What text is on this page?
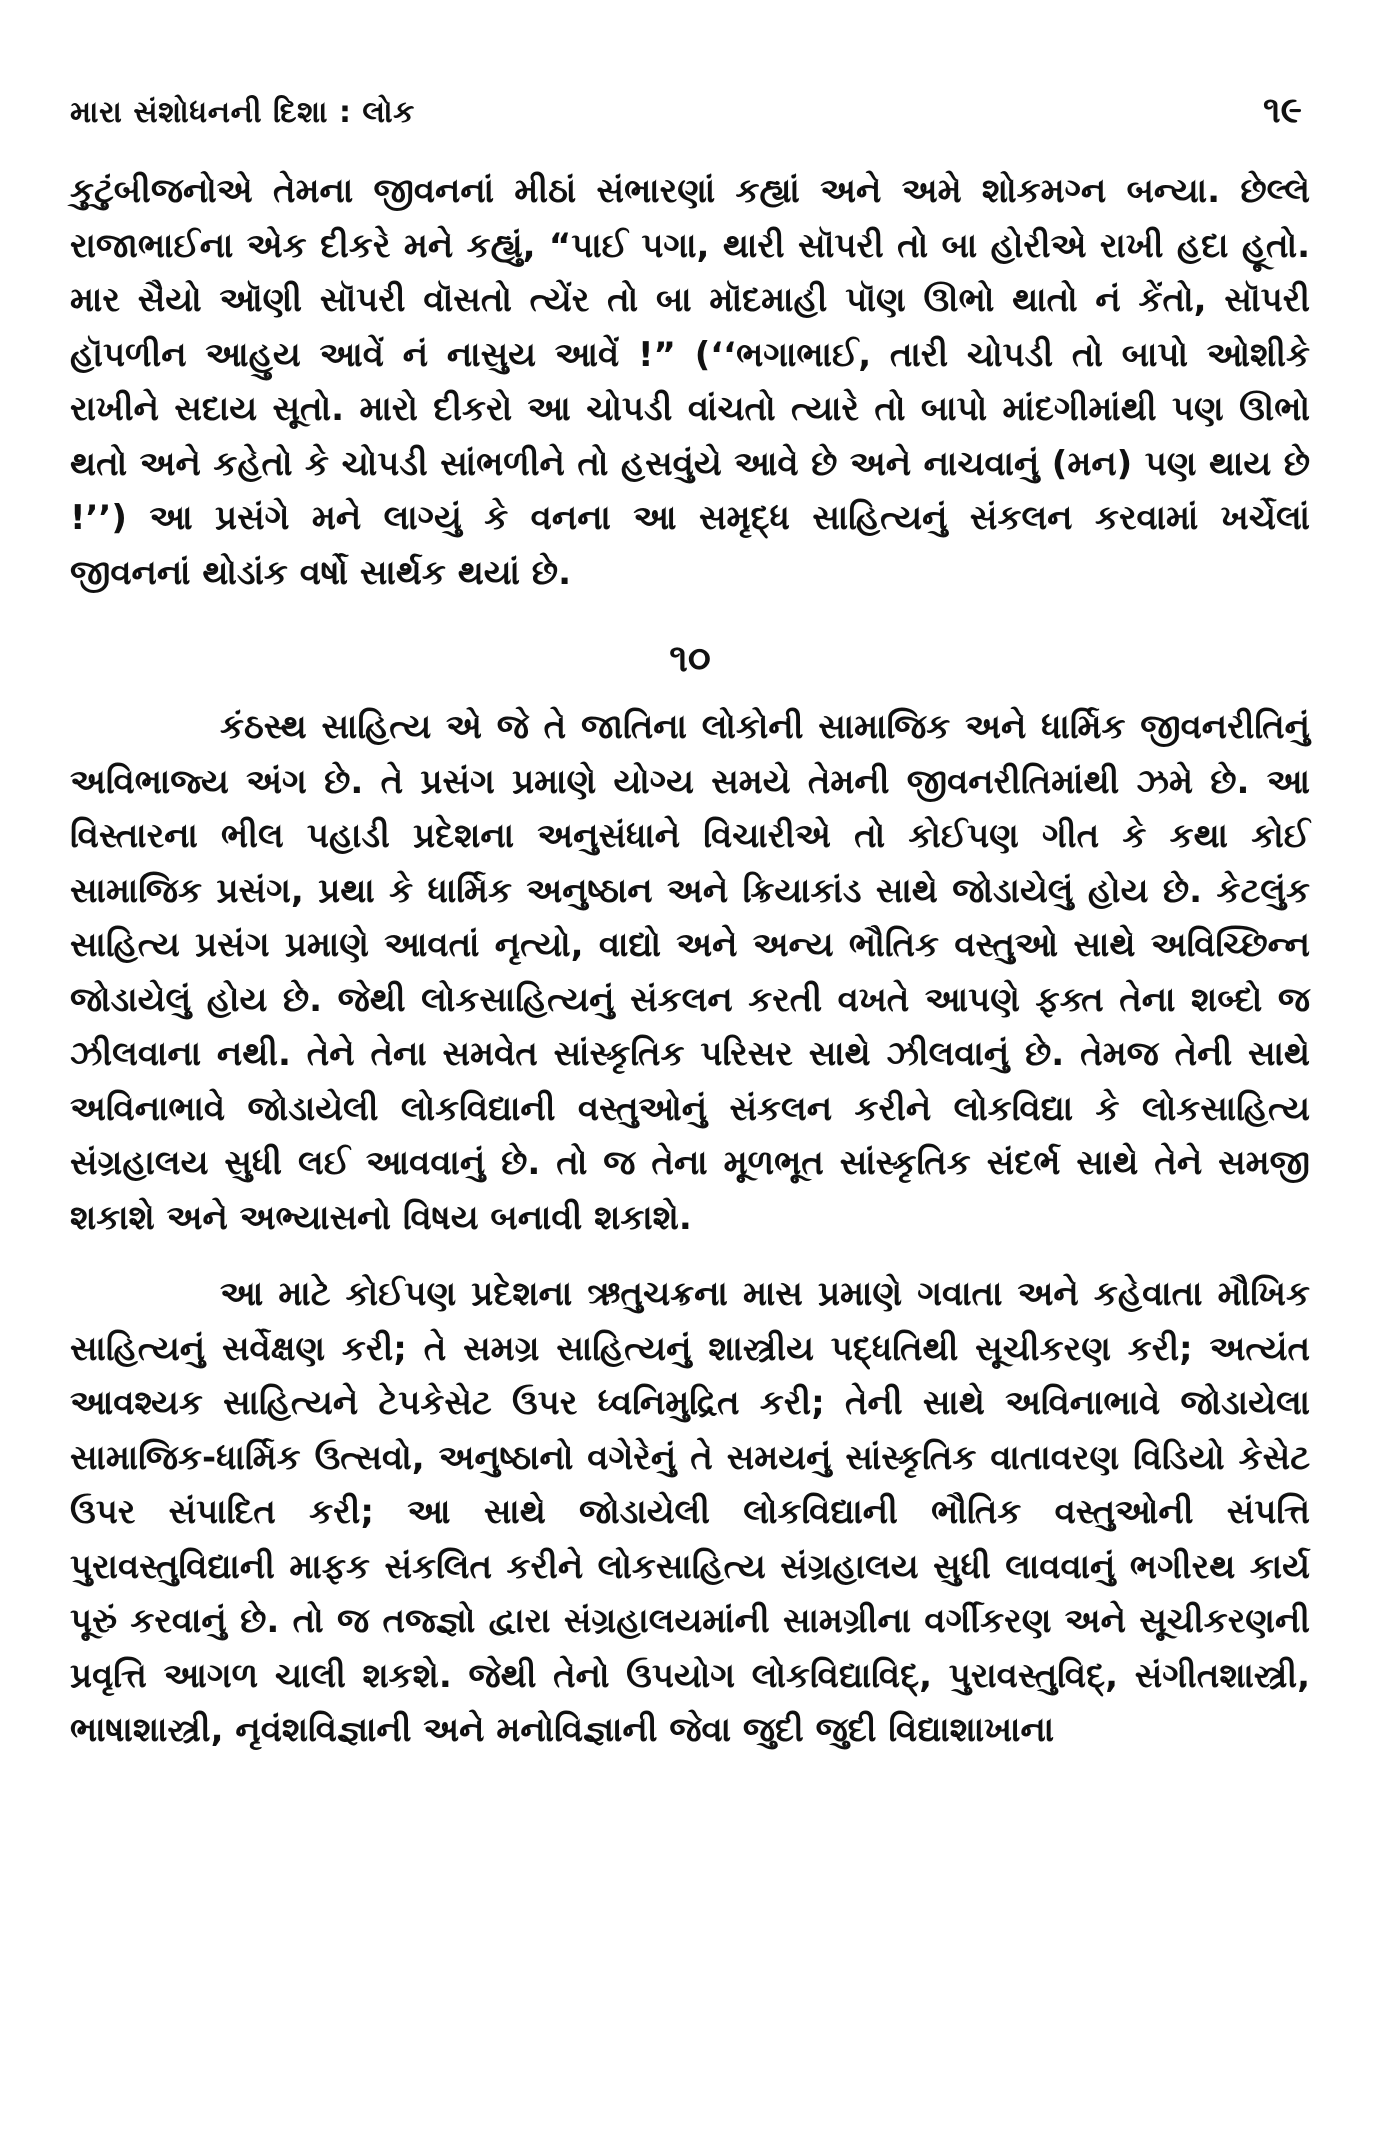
મારા સંશોધનની દિશા : લોક	૧૯

કુટુંબીજનોએ તેમના જીવનનાં મીઠાં સંભારણાં કહ્યાં અને અમે શોકમગ્ન બન્યા. છેલ્લે રાજાભાઈના એક દીકરે મને કહ્યું, “પાઈ પગા, થારી સૉપરી તો બા હોરીએ રાખી હદા હૂતો. માર સૈયો ઑણી સૉપરી વૉસતો ત્યેંર તો બા મૉદમાહી પૉણ ઊભો થાતો નં કેંતો, સૉપરી હૉપળીન આહુય આવેં નં નાસુય આવેં !” (‘‘ભગાભાઈ, તારી ચોપડી તો બાપો ઓશીકે રાખીને સદાય સૂતો. મારો દીકરો આ ચોપડી વાંચતો ત્યારે તો બાપો માંદગીમાંથી પણ ઊભો થતો અને કહેતો કે ચોપડી સાંભળીને તો હસવુંયે આવે છે અને નાચવાનું (મન) પણ થાય છે !’’) આ પ્રસંગે મને લાગ્યું કે વનના આ સમૃદ્ધ સાહિત્યનું સંકલન કરવામાં ખર્ચેલાં જીવનનાં થોડાંક વર્ષો સાર્થક થયાં છે.

૧૦

કંઠસ્થ સાહિત્ય એ જે તે જાતિના લોકોની સામાજિક અને ધાર્મિક જીવનરીતિનું અવિભાજ્ય અંગ છે. તે પ્રસંગ પ્રમાણે યોગ્ય સમયે તેમની જીવનરીતિમાંથી ઝમે છે. આ વિસ્તારના ભીલ પહાડી પ્રદેશના અનુસંધાને વિચારીએ તો કોઈપણ ગીત કે કથા કોઈ સામાજિક પ્રસંગ, પ્રથા કે ધાર્મિક અનુષ્ઠાન અને ક્રિયાકાંડ સાથે જોડાયેલું હોય છે. કેટલુંક સાહિત્ય પ્રસંગ પ્રમાણે આવતાં નૃત્યો, વાદ્યો અને અન્ય ભૌતિક વસ્તુઓ સાથે અવિચ્છિન્ન જોડાયેલું હોય છે. જેથી લોકસાહિત્યનું સંકલન કરતી વખતે આપણે ફક્ત તેના શબ્દો જ ઝીલવાના નથી. તેને તેના સમવેત સાંસ્કૃતિક પરિસર સાથે ઝીલવાનું છે. તેમજ તેની સાથે અવિનાભાવે જોડાયેલી લોકવિદ્યાની વસ્તુઓનું સંકલન કરીને લોકવિદ્યા કે લોકસાહિત્ય સંગ્રહાલય સુધી લઈ આવવાનું છે. તો જ તેના મૂળભૂત સાંસ્કૃતિક સંદર્ભ સાથે તેને સમજી શકાશે અને અભ્યાસનો વિષય બનાવી શકાશે.

આ માટે કોઈપણ પ્રદેશના ઋતુચક્રના માસ પ્રમાણે ગવાતા અને કહેવાતા મૌખિક સાહિત્યનું સર્વેક્ષણ કરી; તે સમગ્ર સાહિત્યનું શાસ્ત્રીય પદ્ધતિથી સૂચીકરણ કરી; અત્યંત આવશ્યક સાહિત્યને ટેપકેસેટ ઉપર ધ્વનિમુદ્રિત કરી; તેની સાથે અવિનાભાવે જોડાયેલા સામાજિક-ધાર્મિક ઉત્સવો, અનુષ્ઠાનો વગેરેનું તે સમયનું સાંસ્કૃતિક વાતાવરણ વિડિયો કેસેટ ઉપર સંપાદિત કરી; આ સાથે જોડાયેલી લોકવિદ્યાની ભૌતિક વસ્તુઓની સંપત્તિ પુરાવસ્તુવિદ્યાની માફક સંકલિત કરીને લોકસાહિત્ય સંગ્રહાલય સુધી લાવવાનું ભગીરથ કાર્ય પૂરું કરવાનું છે. તો જ તજ્જ્ઞો દ્વારા સંગ્રહાલયમાંની સામગ્રીના વર્ગીકરણ અને સૂચીકરણની પ્રવૃત્તિ આગળ ચાલી શકશે. જેથી તેનો ઉપયોગ લોકવિદ્યાવિદ્, પુરાવસ્તુવિદ્, સંગીતશાસ્ત્રી, ભાષાશાસ્ત્રી, નૃવંશવિજ્ઞાની અને મનોવિજ્ઞાની જેવા જુદી જુદી વિદ્યાશાખાના
